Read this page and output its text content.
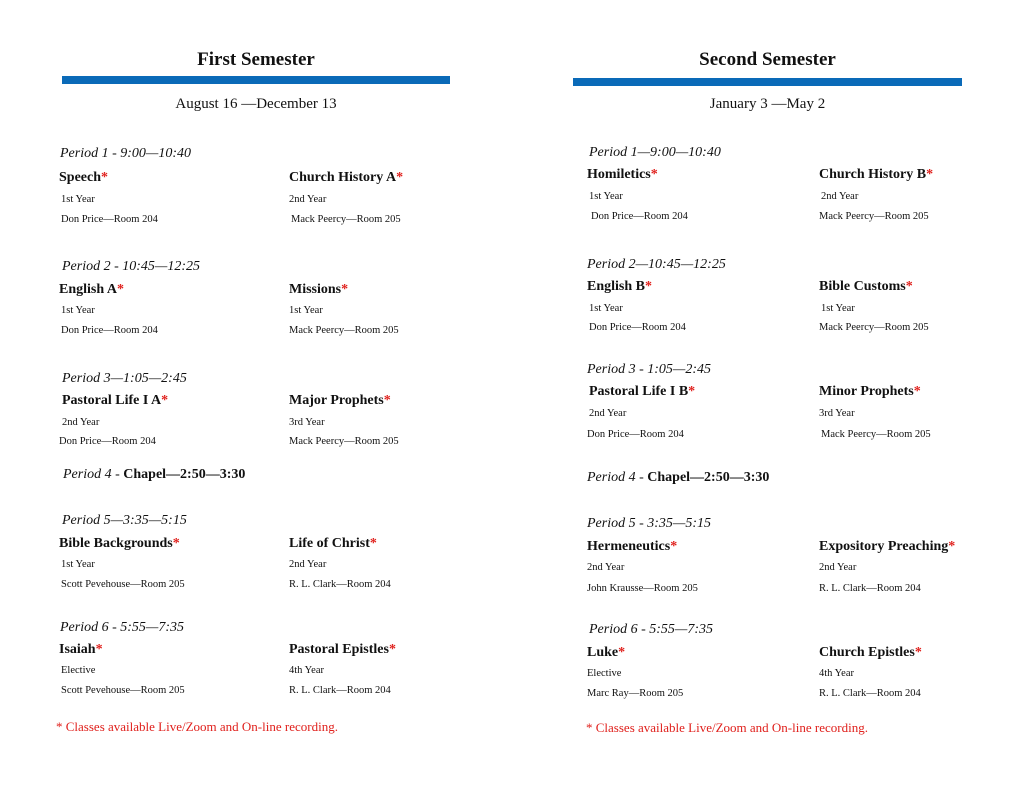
First Semester
August 16 —December 13
Period 1 - 9:00—10:40
Speech*
1st Year
Don Price—Room 204
Church History A*
2nd Year
Mack Peercy—Room 205
Period 2 - 10:45—12:25
English A*
1st Year
Don Price—Room 204
Missions*
1st Year
Mack Peercy—Room 205
Period 3—1:05—2:45
Pastoral Life I A*
2nd Year
Don Price—Room 204
Major Prophets*
3rd Year
Mack Peercy—Room 205
Period 4 - Chapel—2:50—3:30
Period 5—3:35—5:15
Bible Backgrounds*
1st Year
Scott Pevehouse—Room 205
Life of Christ*
2nd Year
R. L. Clark—Room 204
Period 6 - 5:55—7:35
Isaiah*
Elective
Scott Pevehouse—Room 205
Pastoral Epistles*
4th Year
R. L. Clark—Room 204
* Classes available Live/Zoom and On-line recording.
Second Semester
January 3 —May 2
Period 1—9:00—10:40
Homiletics*
1st Year
Don Price—Room 204
Church History B*
2nd Year
Mack Peercy—Room 205
Period 2—10:45—12:25
English B*
1st Year
Don Price—Room 204
Bible Customs*
1st Year
Mack Peercy—Room 205
Period 3 - 1:05—2:45
Pastoral Life I B*
2nd Year
Don Price—Room 204
Minor Prophets*
3rd Year
Mack Peercy—Room 205
Period 4 - Chapel—2:50—3:30
Period 5 - 3:35—5:15
Hermeneutics*
2nd Year
John Krausse—Room 205
Expository Preaching*
2nd Year
R. L. Clark—Room 204
Period 6 - 5:55—7:35
Luke*
Elective
Marc Ray—Room 205
Church Epistles*
4th Year
R. L. Clark—Room 204
* Classes available Live/Zoom and On-line recording.
